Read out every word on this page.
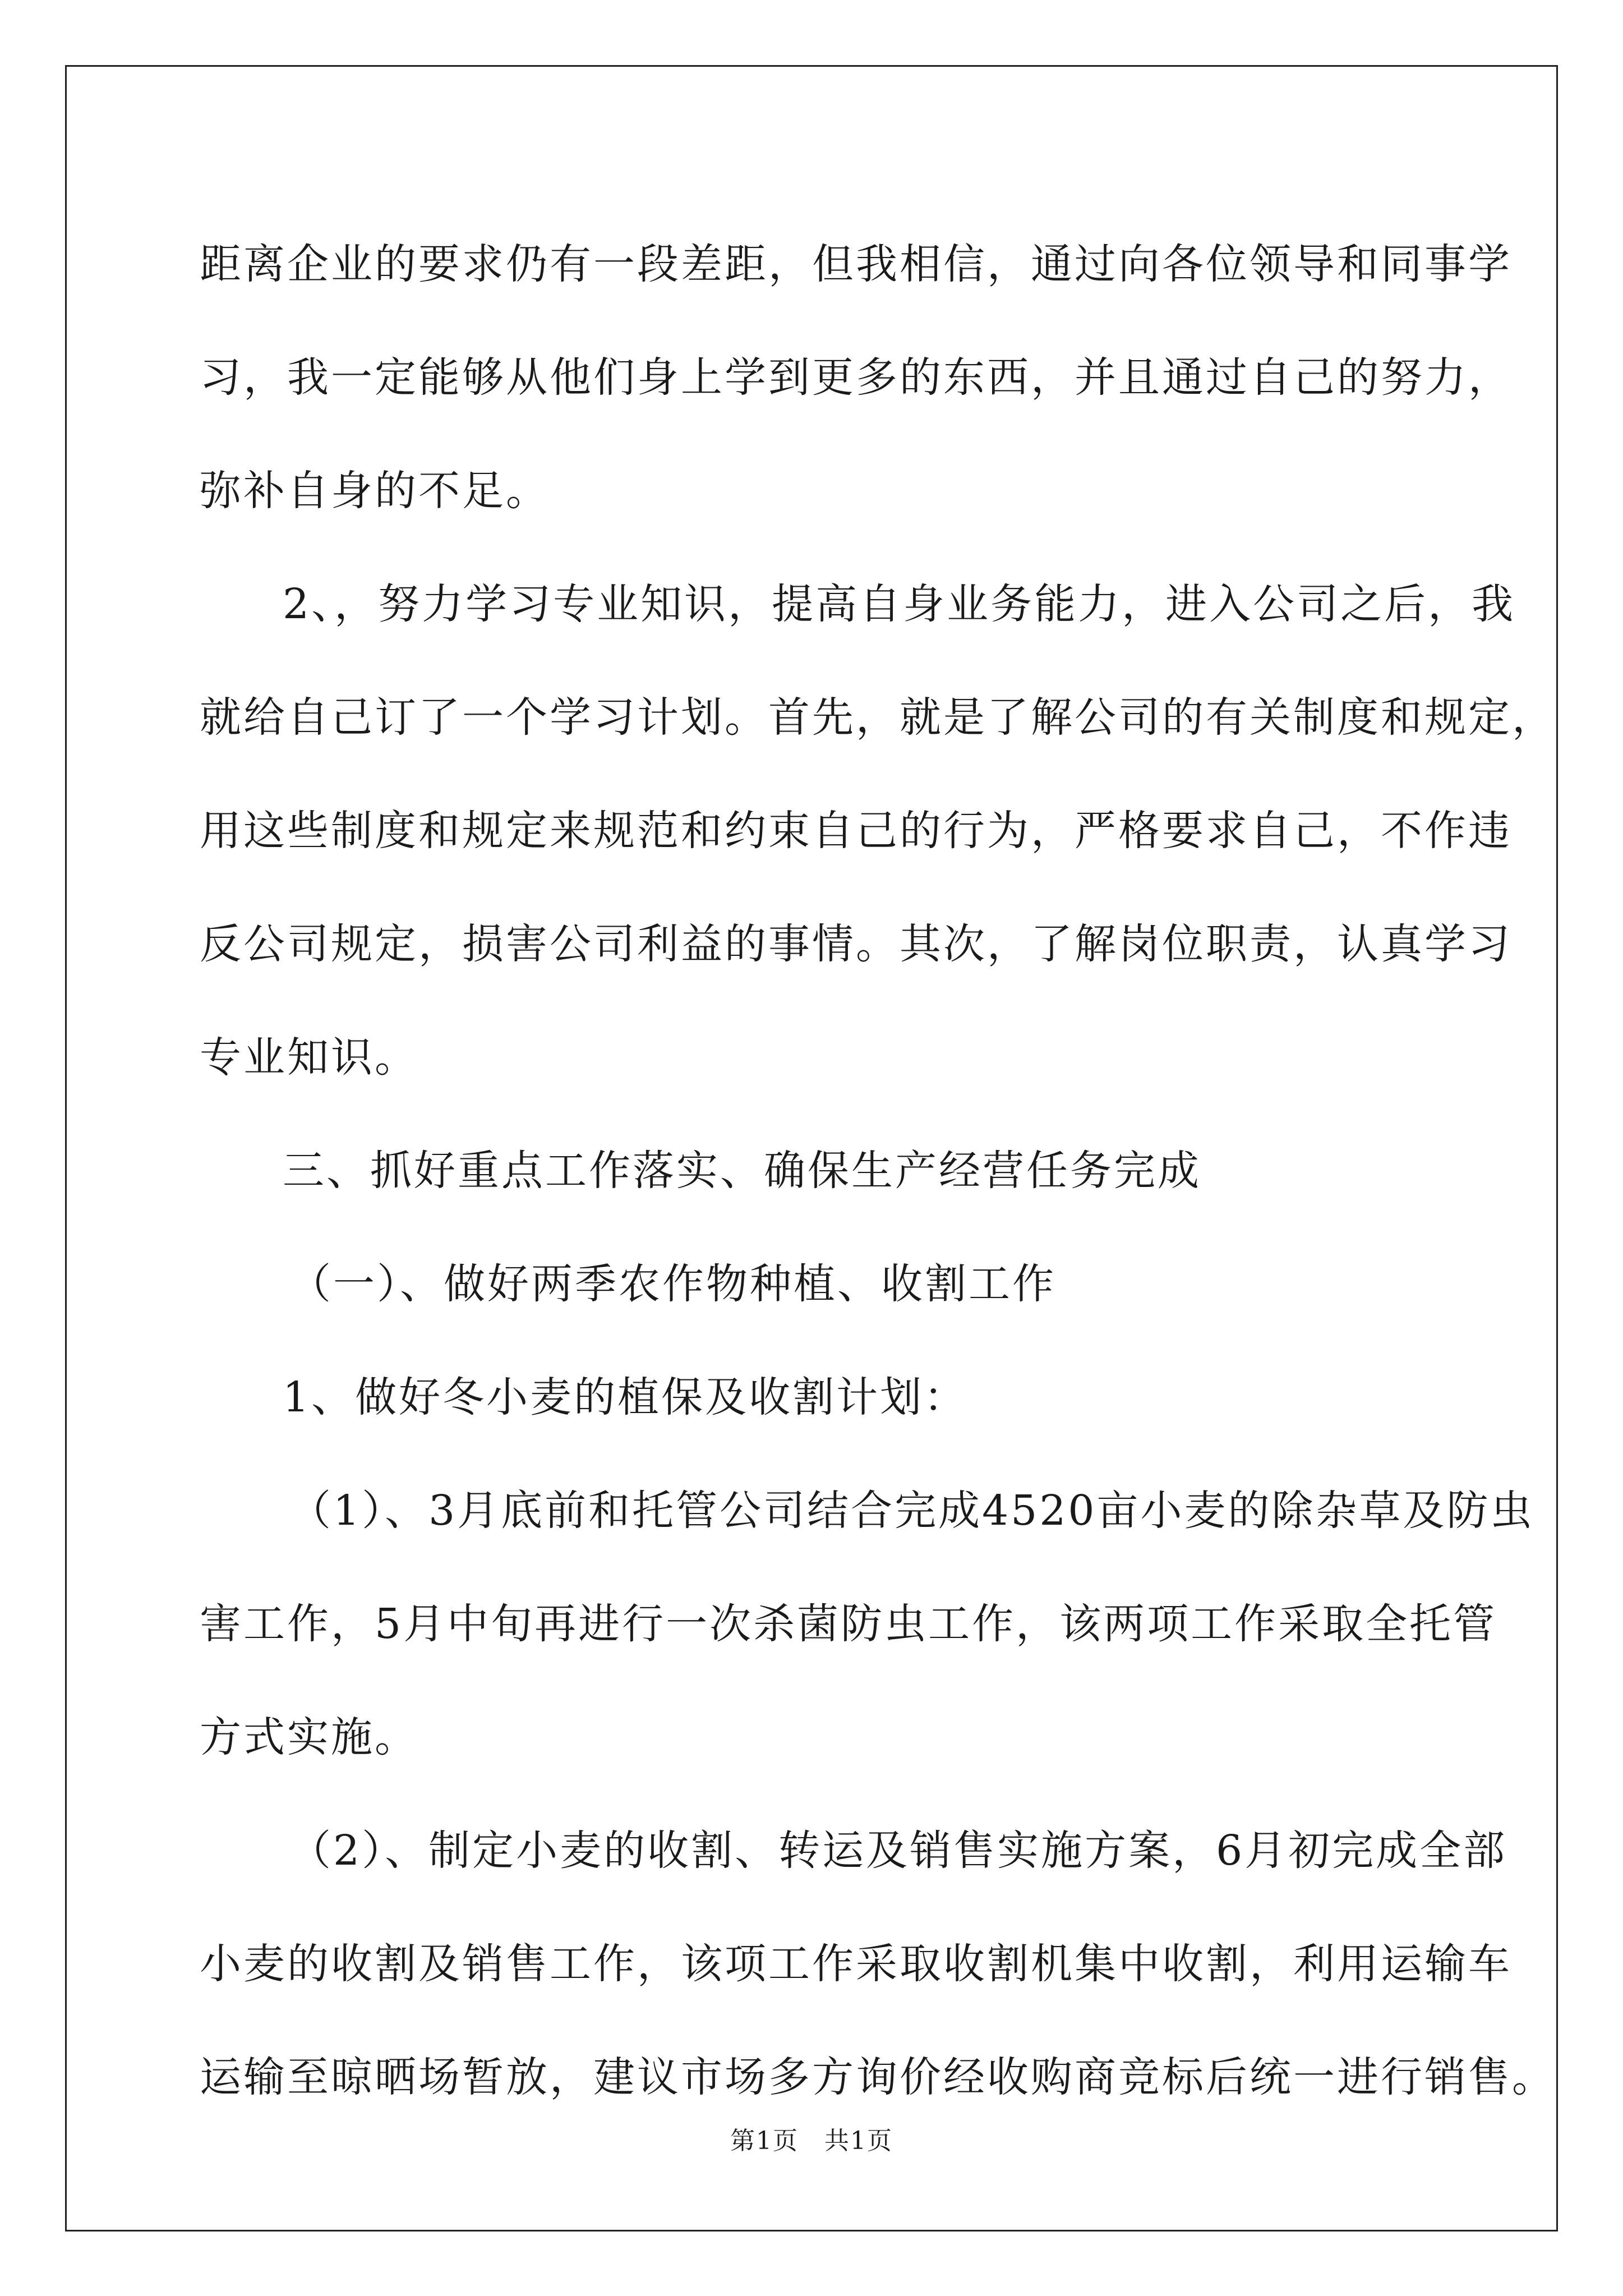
距离企业的要求仍有一段差距，但我相信，通过向各位领导和同事学
习，我一定能够从他们身上学到更多的东西，并且通过自己的努力，
弥补自身的不足。
2、，努力学习专业知识，提高自身业务能力，进入公司之后，我
就给自己订了一个学习计划。首先，就是了解公司的有关制度和规定，
用这些制度和规定来规范和约束自己的行为，严格要求自己，不作违
反公司规定，损害公司利益的事情。其次，了解岗位职责，认真学习
专业知识。
三、抓好重点工作落实、确保生产经营任务完成
（一）、做好两季农作物种植、收割工作
1、做好冬小麦的植保及收割计划：
（1）、3月底前和托管公司结合完成4520亩小麦的除杂草及防虫
害工作，5月中旬再进行一次杀菌防虫工作，该两项工作采取全托管
方式实施。
（2）、制定小麦的收割、转运及销售实施方案，6月初完成全部
小麦的收割及销售工作，该项工作采取收割机集中收割，利用运输车
运输至晾晒场暂放，建议市场多方询价经收购商竞标后统一进行销售。
第1页　共1页
